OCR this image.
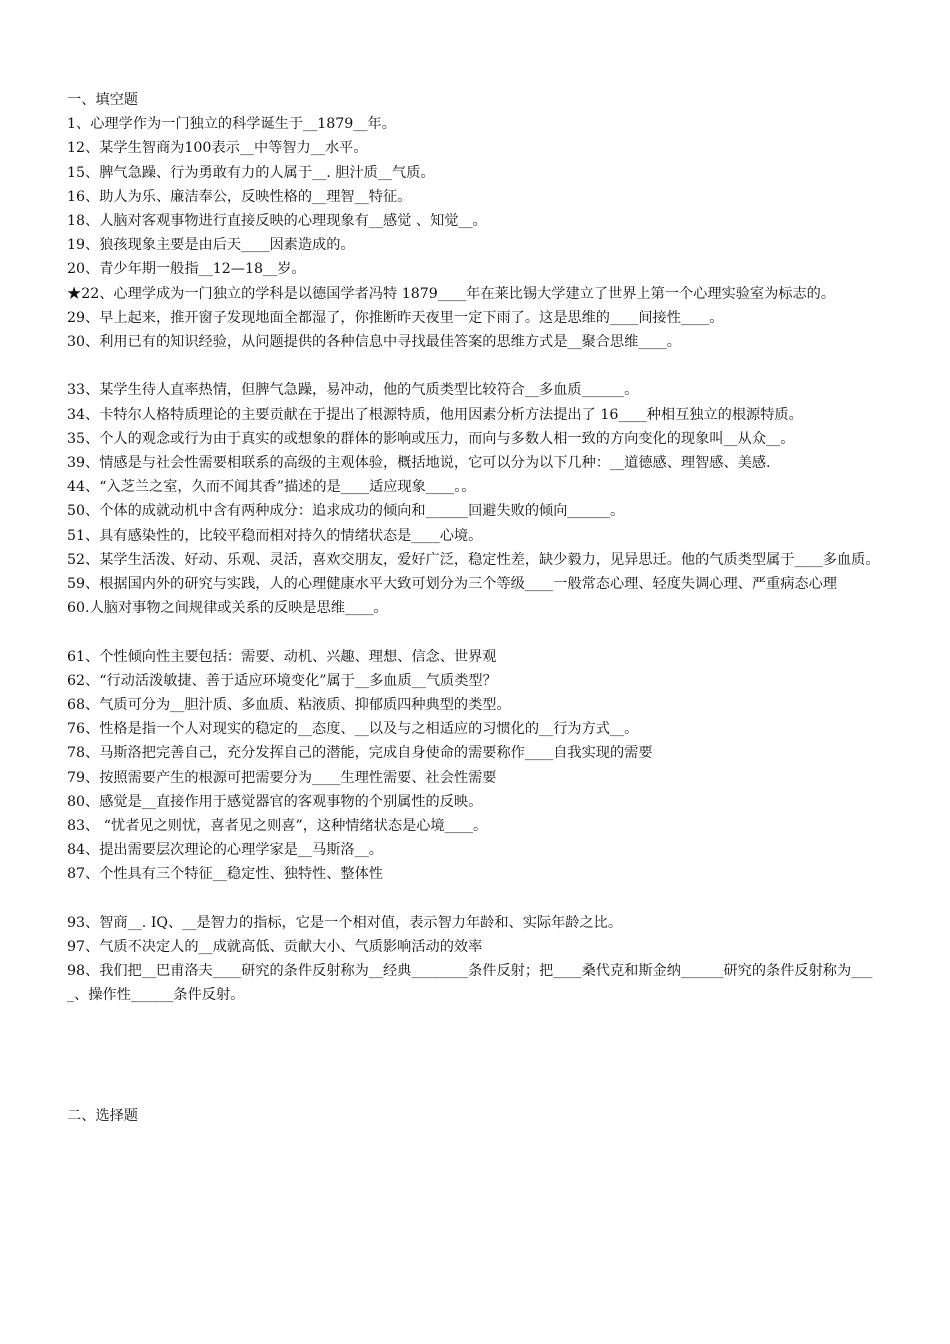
一、填空题

1、心理学作为一门独立的科学诞生于__1879__年。

12、某学生智商为100表示__中等智力__水平。

15、脾气急躁、行为勇敢有力的人属于__. 胆汁质__气质。

16、助人为乐、廉洁奉公，反映性格的__理智__特征。

18、人脑对客观事物进行直接反映的心理现象有__感觉 、知觉__。

19、狼孩现象主要是由后天____因素造成的。

20、青少年期一般指__12—18__岁。

★22、心理学成为一门独立的学科是以德国学者冯特 1879____年在莱比锡大学建立了世界上第一个心理实验室为标志的。

29、早上起来，推开窗子发现地面全都湿了，你推断昨天夜里一定下雨了。这是思维的____间接性____。

30、利用已有的知识经验，从问题提供的各种信息中寻找最佳答案的思维方式是__聚合思维____。

33、某学生待人直率热情，但脾气急躁，易冲动，他的气质类型比较符合__多血质______。

34、卡特尔人格特质理论的主要贡献在于提出了根源特质，他用因素分析方法提出了 16____种相互独立的根源特质。

35、个人的观念或行为由于真实的或想象的群体的影响或压力，而向与多数人相一致的方向变化的现象叫__从众__。

39、情感是与社会性需要相联系的高级的主观体验，概括地说，它可以分为以下几种：__道德感、理智感、美感.

44、“入芝兰之室，久而不闻其香”描述的是____适应现象____。。

50、个体的成就动机中含有两种成分：追求成功的倾向和______回避失败的倾向______。

51、具有感染性的，比较平稳而相对持久的情绪状态是____心境。

52、某学生活泼、好动、乐观、灵活，喜欢交朋友，爱好广泛，稳定性差，缺少毅力，见异思迁。他的气质类型属于____多血质。

59、根据国内外的研究与实践，人的心理健康水平大致可划分为三个等级____一般常态心理、轻度失调心理、严重病态心理

60.人脑对事物之间规律或关系的反映是思维____。

61、个性倾向性主要包括：需要、动机、兴趣、理想、信念、世界观

62、“行动活泼敏捷、善于适应环境变化”属于__多血质__气质类型？

68、气质可分为__胆汁质、多血质、粘液质、抑郁质四种典型的类型。

76、性格是指一个人对现实的稳定的__态度、__以及与之相适应的习惯化的__行为方式__。

78、马斯洛把完善自己，充分发挥自己的潜能，完成自身使命的需要称作____自我实现的需要

79、按照需要产生的根源可把需要分为____生理性需要、社会性需要

80、感觉是__直接作用于感觉器官的客观事物的个别属性的反映。

83、 “忧者见之则忧，喜者见之则喜”，这种情绪状态是心境____。

84、提出需要层次理论的心理学家是__马斯洛__。

87、个性具有三个特征__稳定性、独特性、整体性

93、智商__. IQ、__是智力的指标，它是一个相对值，表示智力年龄和、实际年龄之比。

97、气质不决定人的__成就高低、贡献大小、气质影响活动的效率

98、我们把__巴甫洛夫____研究的条件反射称为__经典________条件反射；把____桑代克和斯金纳______研究的条件反射称为____、操作性______条件反射。

二、选择题
